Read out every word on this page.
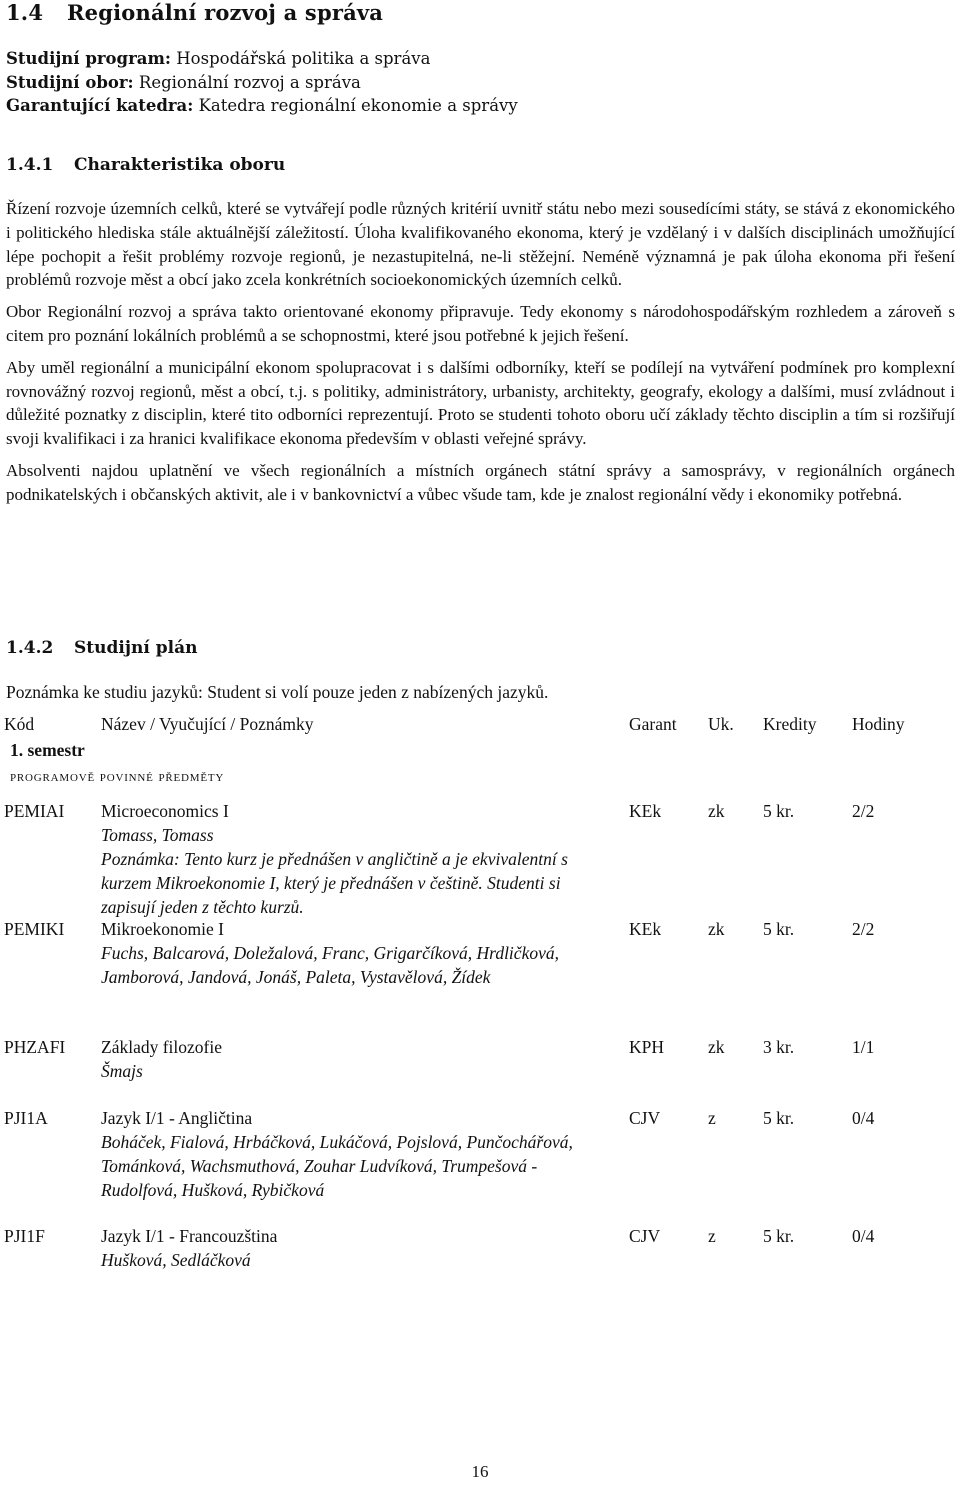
1.4 Regionální rozvoj a správa
Studijní program: Hospodářská politika a správa
Studijní obor: Regionální rozvoj a správa
Garantující katedra: Katedra regionální ekonomie a správy
1.4.1 Charakteristika oboru

Řízení rozvoje územních celků, které se vytvářejí podle různých kritérií uvnitř státu nebo mezi sousedícími státy, se stává z ekonomického i politického hlediska stále aktuálnější záležitostí. Úloha kvalifikovaného ekonoma, který je vzdělaný i v dalších disciplinách umožňující lépe pochopit a řešit problémy rozvoje regionů, je nezastupitelná, ne-li stěžejní. Neméně významná je pak úloha ekonoma při řešení problémů rozvoje měst a obcí jako zcela konkrétních socioekonomických územních celků.

Obor Regionální rozvoj a správa takto orientované ekonomy připravuje. Tedy ekonomy s národohospodářským rozhledem a zároveň s citem pro poznání lokálních problémů a se schopnostmi, které jsou potřebné k jejich řešení.

Aby uměl regionální a municipální ekonom spolupracovat i s dalšími odborníky, kteří se podílejí na vytváření podmínek pro komplexní rovnovážný rozvoj regionů, měst a obcí, t.j. s politiky, administrátory, urbanisty, architekty, geografy, ekology a dalšími, musí zvládnout i důležité poznatky z disciplin, které tito odborníci reprezentují. Proto se studenti tohoto oboru učí základy těchto disciplin a tím si rozšiřují svoji kvalifikaci i za hranici kvalifikace ekonoma především v oblasti veřejné správy.

Absolventi najdou uplatnění ve všech regionálních a místních orgánech státní správy a samosprávy, v regionálních orgánech podnikatelských i občanských aktivit, ale i v bankovnictví a vůbec všude tam, kde je znalost regionální vědy i ekonomiky potřebná.

1.4.2 Studijní plán
Poznámka ke studiu jazyků: Student si volí pouze jeden z nabízených jazyků.
Kód	Název / Vyučující / Poznámky	Garant Uk. Kredity Hodiny
1. semestr
programově povinné předměty
PEMIAI Microeconomics I
Tomass, Tomass
Poznámka: Tento kurz je přednášen v angličtině a je ekvivalentní s kurzem Mikroekonomie I, který je přednášen v češtině. Studenti si zapisují jeden z těchto kurzů.
KEk	zk 5 kr.	2/2
PEMIKI Mikroekonomie I
Fuchs, Balcarová, Doležalová, Franc, Grigarčíková, Hrdličková, Jamborová, Jandová, Jonáš, Paleta, Vystavělová, Žídek
KEk	zk 5 kr.	2/2
PHZAFI Základy filozofie
Šmajs
KPH	zk 3 kr.	1/1
PJI1A	Jazyk I/1 - Angličtina
Boháček, Fialová, Hrbáčková, Lukáčová, Pojslová, Punčochářová, Tománková, Wachsmuthová, Zouhar Ludvíková, Trumpešová - Rudolfová, Hušková, Rybičková
CJV	z	5 kr.	0/4
PJI1F	Jazyk I/1 - Francouzština
Hušková, Sedláčková
CJV	z	5 kr.	0/4
16
